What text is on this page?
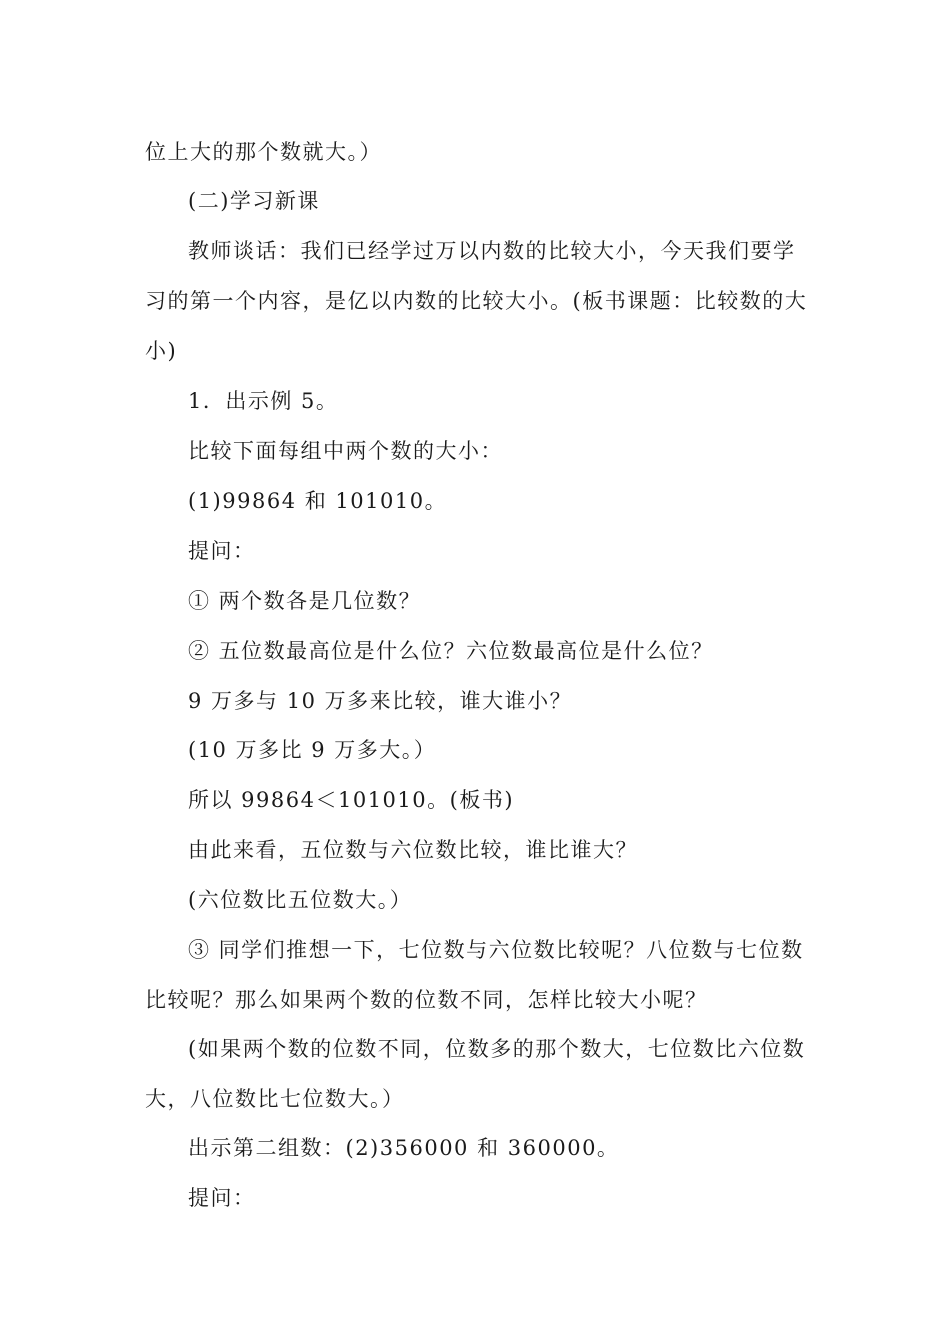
位上大的那个数就大。）
(二)学习新课
教师谈话：我们已经学过万以内数的比较大小，今天我们要学
习的第一个内容，是亿以内数的比较大小。(板书课题：比较数的大
小)
1．出示例 5。
比较下面每组中两个数的大小：
(1)99864 和 101010。
提问：
① 两个数各是几位数？
② 五位数最高位是什么位？六位数最高位是什么位？
9 万多与 10 万多来比较，谁大谁小？
(10 万多比 9 万多大。）
所以 99864＜101010。(板书)
由此来看，五位数与六位数比较，谁比谁大？
(六位数比五位数大。）
③ 同学们推想一下，七位数与六位数比较呢？八位数与七位数
比较呢？那么如果两个数的位数不同，怎样比较大小呢？
(如果两个数的位数不同，位数多的那个数大，七位数比六位数
大，八位数比七位数大。）
出示第二组数：(2)356000 和 360000。
提问：
